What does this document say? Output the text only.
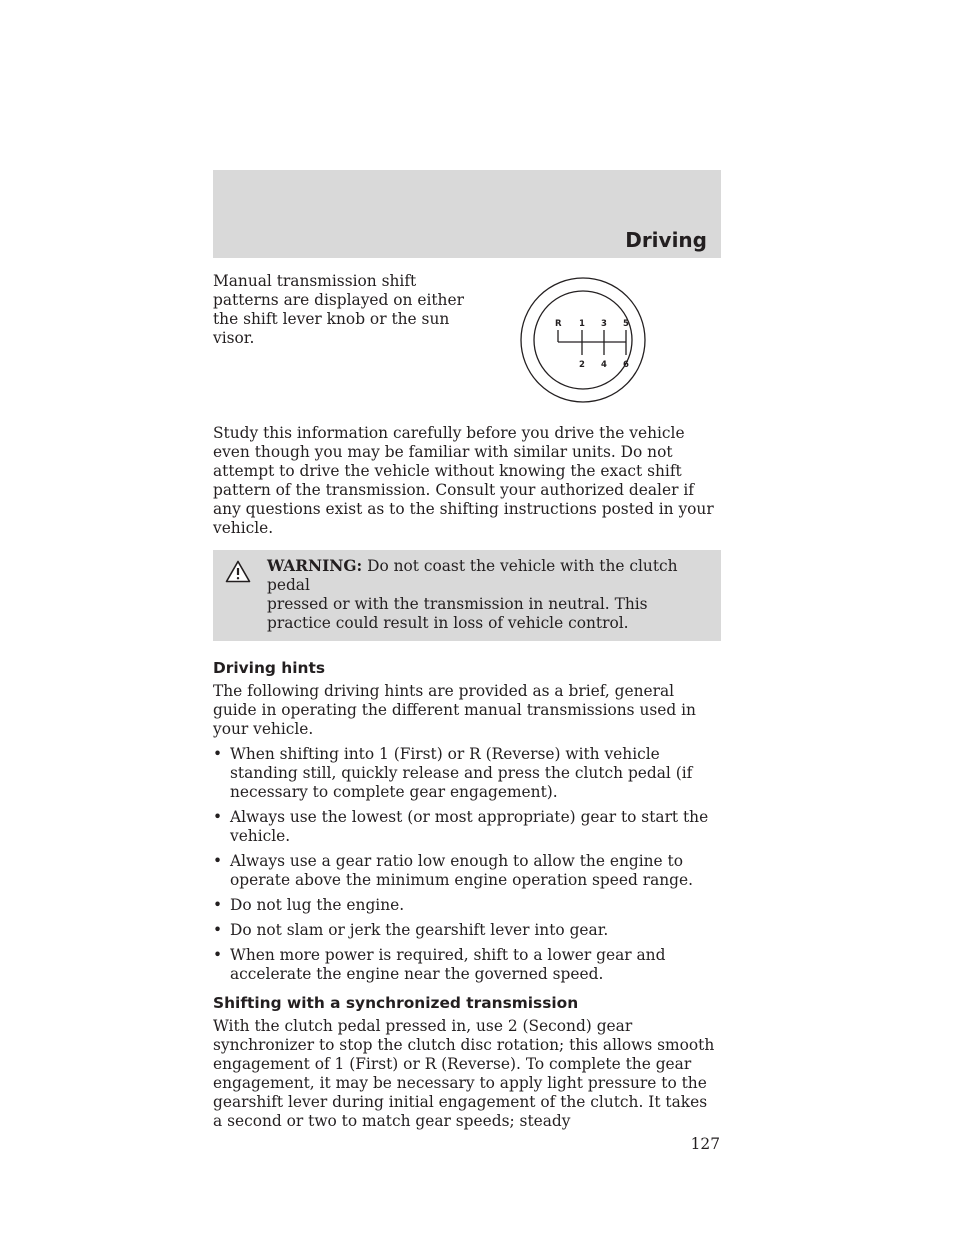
Driving

Manual transmission shift patterns are displayed on either the shift lever knob or the sun visor.

R 1 3 5
2 4 6

Study this information carefully before you drive the vehicle even though you may be familiar with similar units. Do not attempt to drive the vehicle without knowing the exact shift pattern of the transmission. Consult your authorized dealer if any questions exist as to the shifting instructions posted in your vehicle.

WARNING: Do not coast the vehicle with the clutch pedal
pressed or with the transmission in neutral. This practice could result in loss of vehicle control.
Driving hints

The following driving hints are provided as a brief, general guide in operating the different manual transmissions used in your vehicle.

• When shifting into 1 (First) or R (Reverse) with vehicle standing still, quickly release and press the clutch pedal (if necessary to complete gear engagement).
• Always use the lowest (or most appropriate) gear to start the vehicle.
• Always use a gear ratio low enough to allow the engine to operate above the minimum engine operation speed range.
• Do not lug the engine.
• Do not slam or jerk the gearshift lever into gear.
• When more power is required, shift to a lower gear and accelerate the engine near the governed speed.
Shifting with a synchronized transmission

With the clutch pedal pressed in, use 2 (Second) gear synchronizer to stop the clutch disc rotation; this allows smooth engagement of 1 (First) or R (Reverse). To complete the gear engagement, it may be necessary to apply light pressure to the gearshift lever during initial engagement of the clutch. It takes a second or two to match gear speeds; steady

127
